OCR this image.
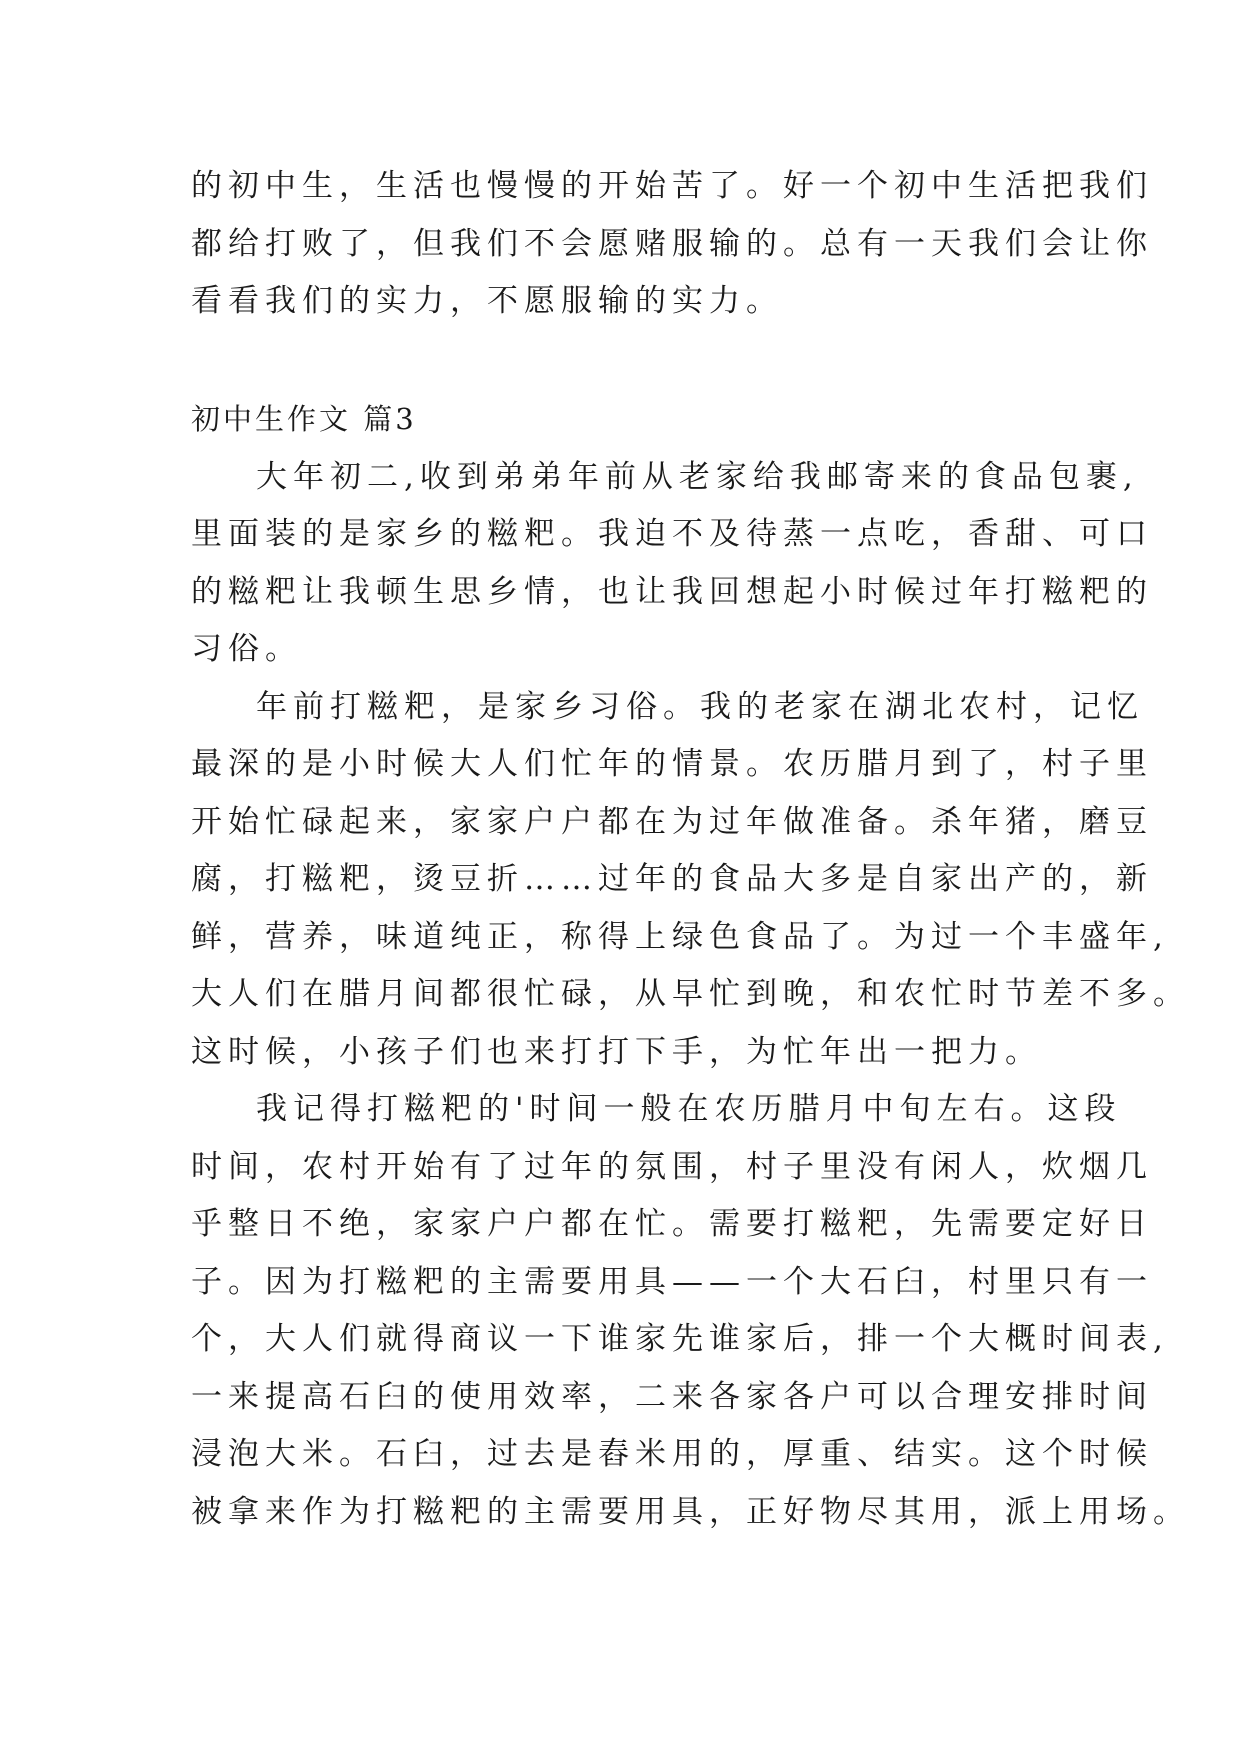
的初中生，生活也慢慢的开始苦了。好一个初中生活把我们
都给打败了，但我们不会愿赌服输的。总有一天我们会让你
看看我们的实力，不愿服输的实力。
初中生作文 篇3
大年初二,收到弟弟年前从老家给我邮寄来的食品包裹,
里面装的是家乡的糍粑。我迫不及待蒸一点吃，香甜、可口
的糍粑让我顿生思乡情，也让我回想起小时候过年打糍粑的
习俗。
年前打糍粑，是家乡习俗。我的老家在湖北农村，记忆
最深的是小时候大人们忙年的情景。农历腊月到了，村子里
开始忙碌起来，家家户户都在为过年做准备。杀年猪，磨豆
腐，打糍粑，烫豆折……过年的食品大多是自家出产的，新
鲜，营养，味道纯正，称得上绿色食品了。为过一个丰盛年,
大人们在腊月间都很忙碌，从早忙到晚，和农忙时节差不多。
这时候，小孩子们也来打打下手，为忙年出一把力。
我记得打糍粑的'时间一般在农历腊月中旬左右。这段
时间，农村开始有了过年的氛围，村子里没有闲人，炊烟几
乎整日不绝，家家户户都在忙。需要打糍粑，先需要定好日
子。因为打糍粑的主需要用具——一个大石臼，村里只有一
个，大人们就得商议一下谁家先谁家后，排一个大概时间表,
一来提高石臼的使用效率，二来各家各户可以合理安排时间
浸泡大米。石臼，过去是舂米用的，厚重、结实。这个时候
被拿来作为打糍粑的主需要用具，正好物尽其用，派上用场。
